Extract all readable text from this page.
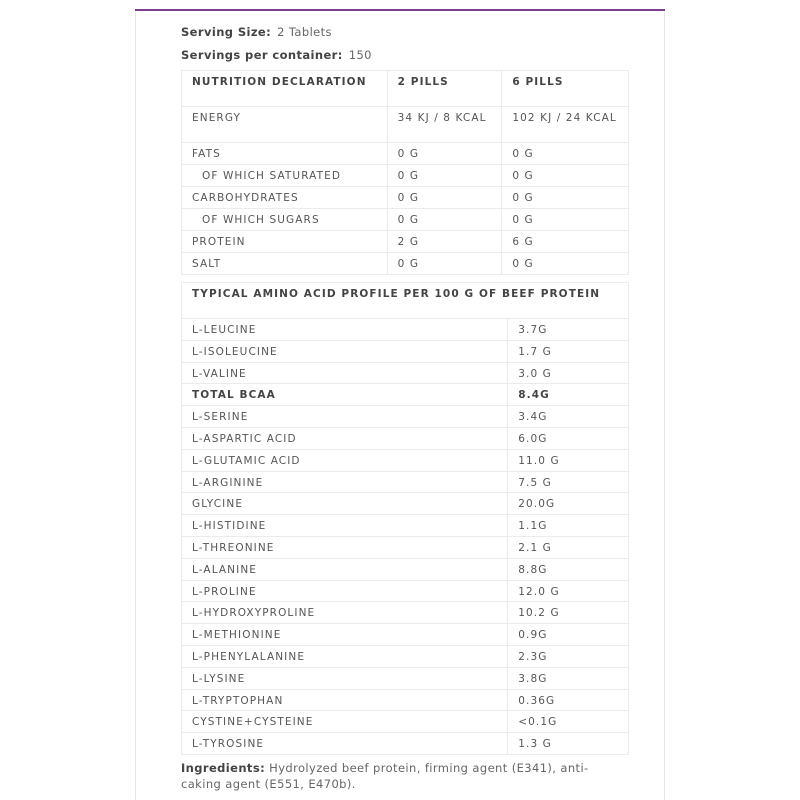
Serving Size: 2 Tablets
Servings per container: 150
NUTRITION DECLARATION	2 PILLS	6 PILLS
ENERGY	34 KJ / 8 KCAL	102 KJ / 24 KCAL
FATS	0 G	0 G
OF WHICH SATURATED	0 G	0 G
CARBOHYDRATES	0 G	0 G
OF WHICH SUGARS	0 G	0 G
PROTEIN	2 G	6 G
SALT	0 G	0 G
TYPICAL AMINO ACID PROFILE PER 100 G OF BEEF PROTEIN	
L-LEUCINE	3.7G
L-ISOLEUCINE	1.7 G
L-VALINE	3.0 G
TOTAL BCAA	8.4G
L-SERINE	3.4G
L-ASPARTIC ACID	6.0G
L-GLUTAMIC ACID	11.0 G
L-ARGININE	7.5 G
GLYCINE	20.0G
L-HISTIDINE	1.1G
L-THREONINE	2.1 G
L-ALANINE	8.8G
L-PROLINE	12.0 G
L-HYDROXYPROLINE	10.2 G
L-METHIONINE	0.9G
L-PHENYLALANINE	2.3G
L-LYSINE	3.8G
L-TRYPTOPHAN	0.36G
CYSTINE+CYSTEINE	<0.1G
L-TYROSINE	1.3 G
Ingredients: Hydrolyzed beef protein, firming agent (E341), anti-caking agent (E551, E470b).
